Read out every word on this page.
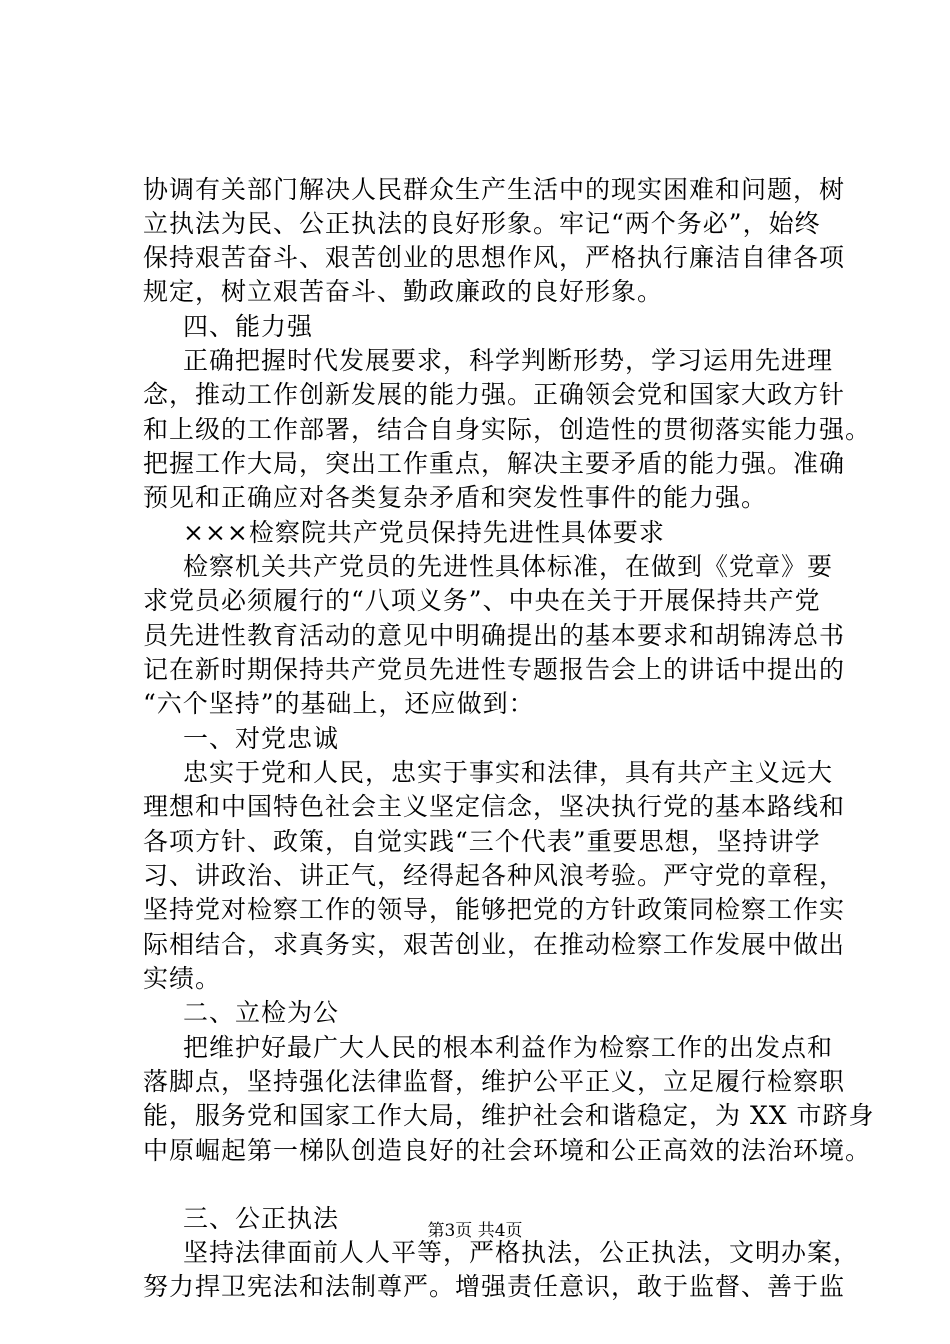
协调有关部门解决人民群众生产生活中的现实困难和问题，树
立执法为民、公正执法的良好形象。牢记“两个务必”，始终
保持艰苦奋斗、艰苦创业的思想作风，严格执行廉洁自律各项
规定，树立艰苦奋斗、勤政廉政的良好形象。
四、能力强
正确把握时代发展要求，科学判断形势，学习运用先进理
念，推动工作创新发展的能力强。正确领会党和国家大政方针
和上级的工作部署，结合自身实际，创造性的贯彻落实能力强。
把握工作大局，突出工作重点，解决主要矛盾的能力强。准确
预见和正确应对各类复杂矛盾和突发性事件的能力强。
×××检察院共产党员保持先进性具体要求
检察机关共产党员的先进性具体标准，在做到《党章》要
求党员必须履行的“八项义务”、中央在关于开展保持共产党
员先进性教育活动的意见中明确提出的基本要求和胡锦涛总书
记在新时期保持共产党员先进性专题报告会上的讲话中提出的
“六个坚持”的基础上，还应做到：
一、对党忠诚
忠实于党和人民，忠实于事实和法律，具有共产主义远大
理想和中国特色社会主义坚定信念，坚决执行党的基本路线和
各项方针、政策，自觉实践“三个代表”重要思想，坚持讲学
习、讲政治、讲正气，经得起各种风浪考验。严守党的章程，
坚持党对检察工作的领导，能够把党的方针政策同检察工作实
际相结合，求真务实，艰苦创业，在推动检察工作发展中做出
实绩。
二、立检为公
把维护好最广大人民的根本利益作为检察工作的出发点和
落脚点，坚持强化法律监督，维护公平正义，立足履行检察职
能，服务党和国家工作大局，维护社会和谐稳定，为 XX 市跻身
中原崛起第一梯队创造良好的社会环境和公正高效的法治环境。
三、公正执法
坚持法律面前人人平等，严格执法，公正执法，文明办案，
努力捍卫宪法和法制尊严。增强责任意识，敢于监督、善于监
第3页 共4页
